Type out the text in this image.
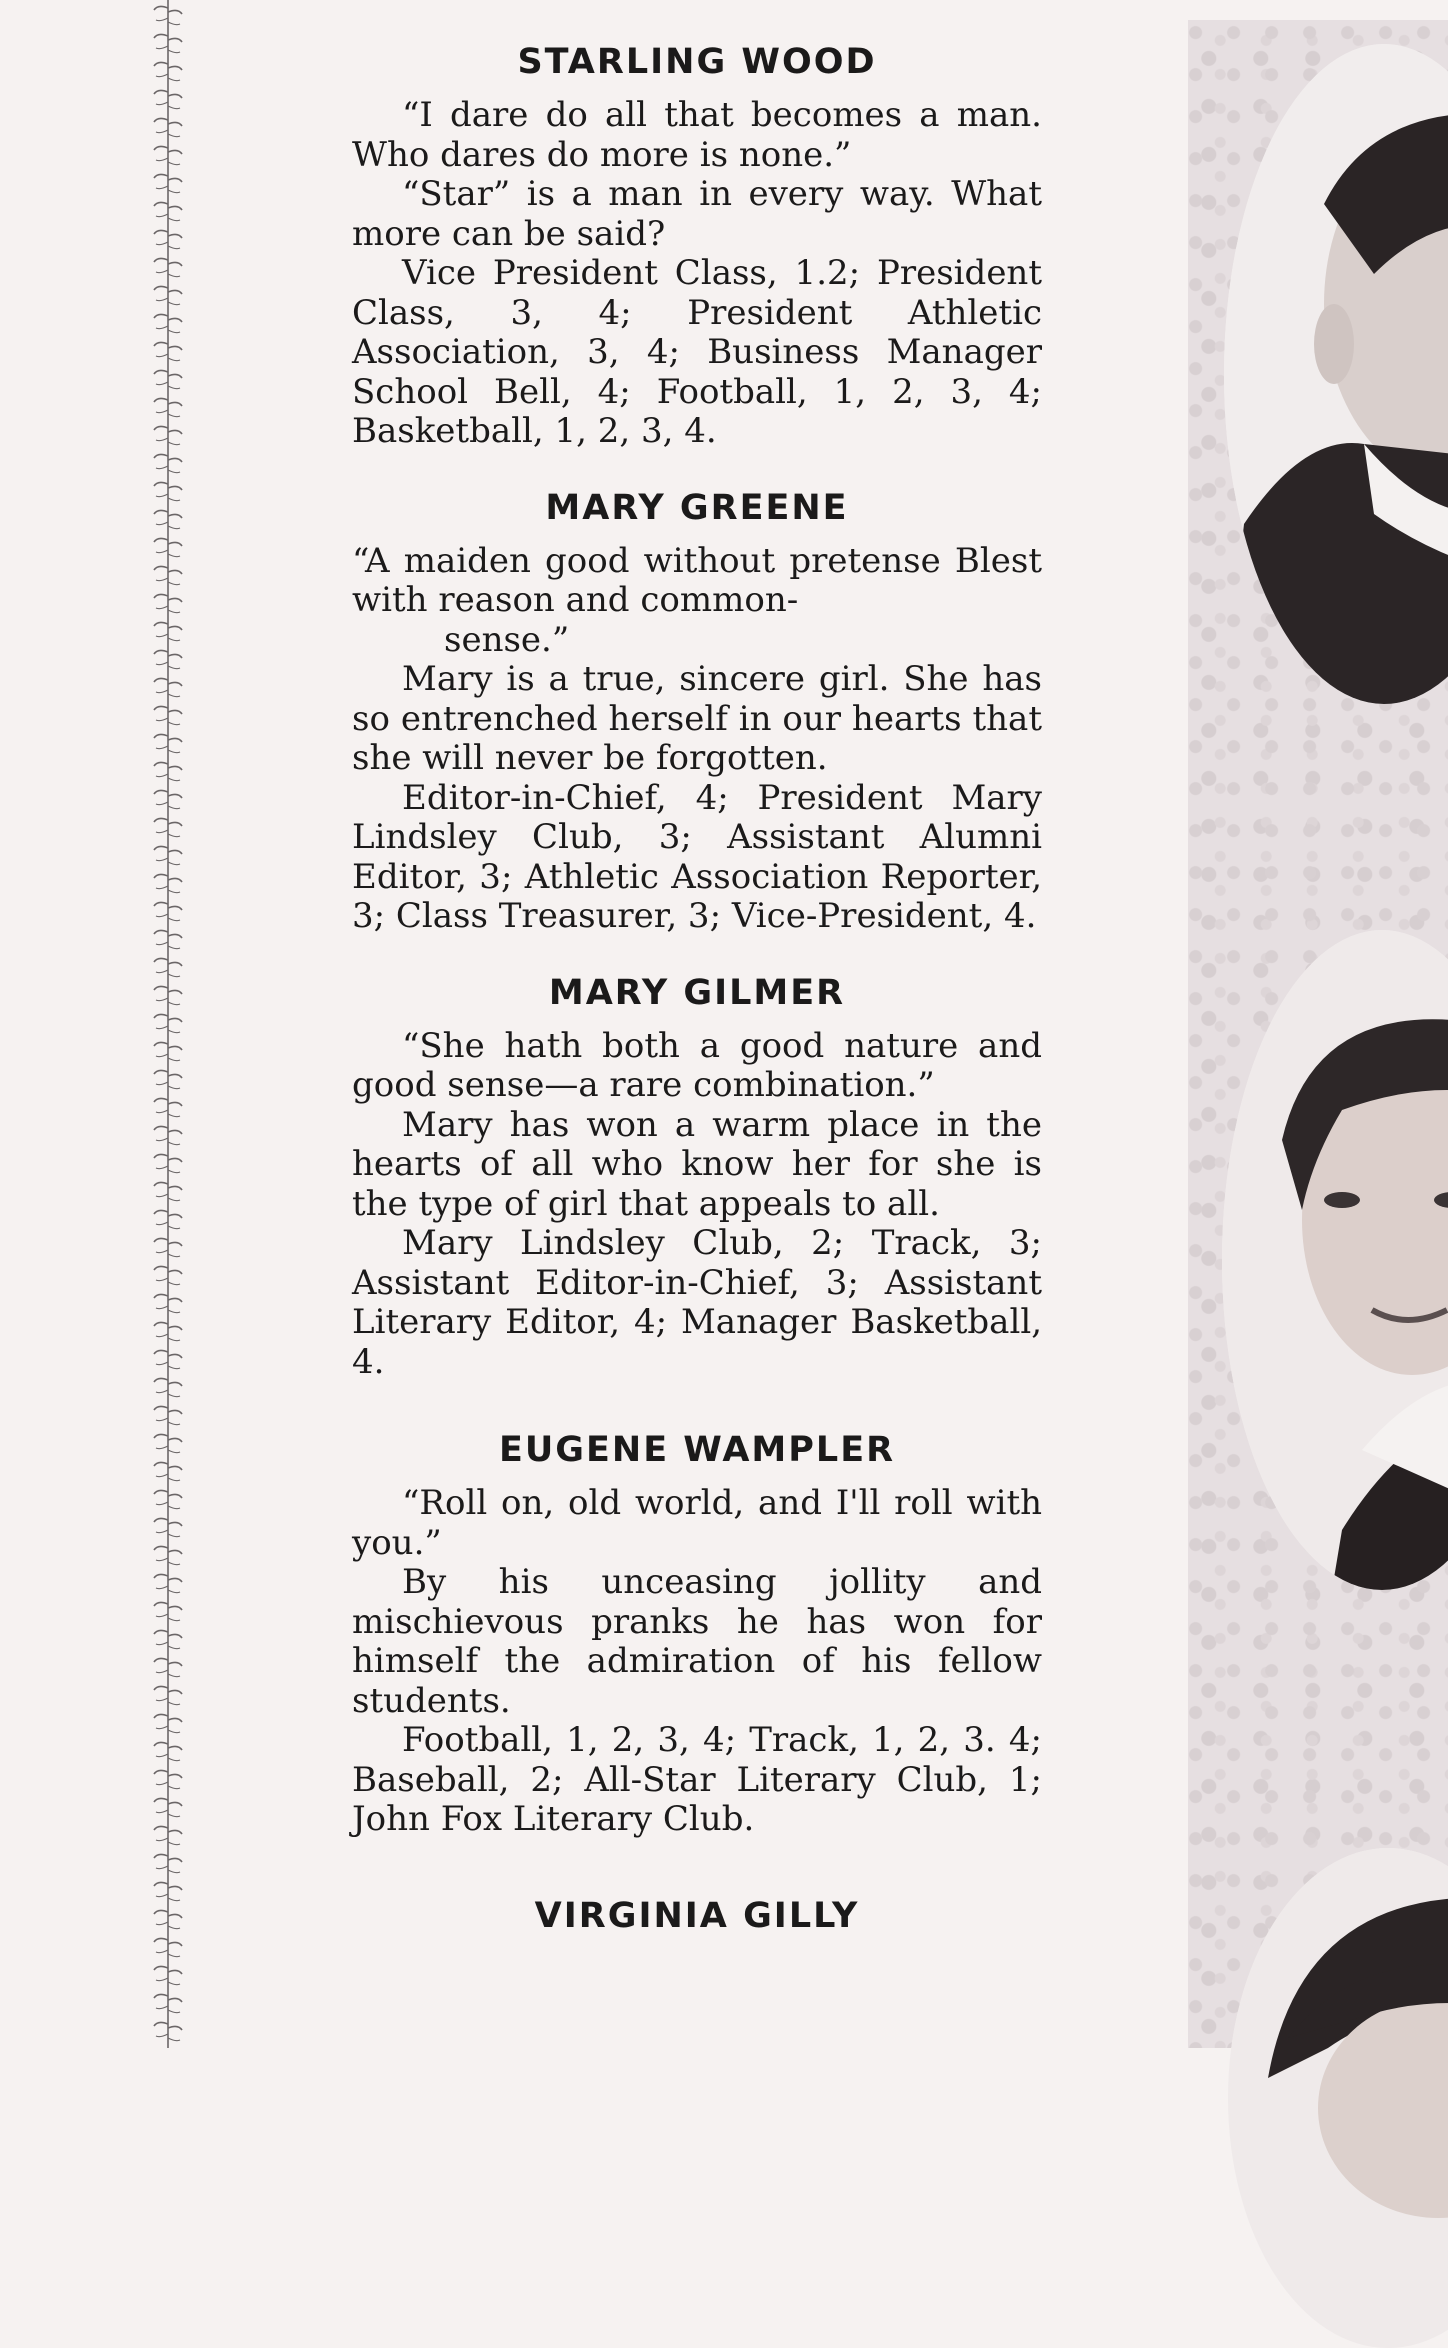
STARLING WOOD

“I dare do all that becomes a man. Who dares do more is none.”

“Star” is a man in every way. What more can be said?

Vice President Class, 1.2; President Class, 3, 4; President Athletic Association, 3, 4; Business Manager School Bell, 4; Football, 1, 2, 3, 4; Basketball, 1, 2, 3, 4.

MARY GREENE

“A maiden good without pretense Blest with reason and common-

sense.”

Mary is a true, sincere girl. She has so entrenched herself in our hearts that she will never be forgotten.

Editor-in-Chief, 4; President Mary Lindsley Club, 3; Assistant Alumni Editor, 3; Athletic Association Reporter, 3; Class Treasurer, 3; Vice-President, 4.

MARY GILMER

“She hath both a good nature and good sense—a rare combination.”

Mary has won a warm place in the hearts of all who know her for she is the type of girl that appeals to all.

Mary Lindsley Club, 2; Track, 3; Assistant Editor-in-Chief, 3; Assistant Literary Editor, 4; Manager Basketball, 4.

EUGENE WAMPLER

“Roll on, old world, and I'll roll with you.”

By his unceasing jollity and mischievous pranks he has won for himself the admiration of his fellow students.

Football, 1, 2, 3, 4; Track, 1, 2, 3. 4; Baseball, 2; All-Star Literary Club, 1; John Fox Literary Club.

VIRGINIA GILLY
